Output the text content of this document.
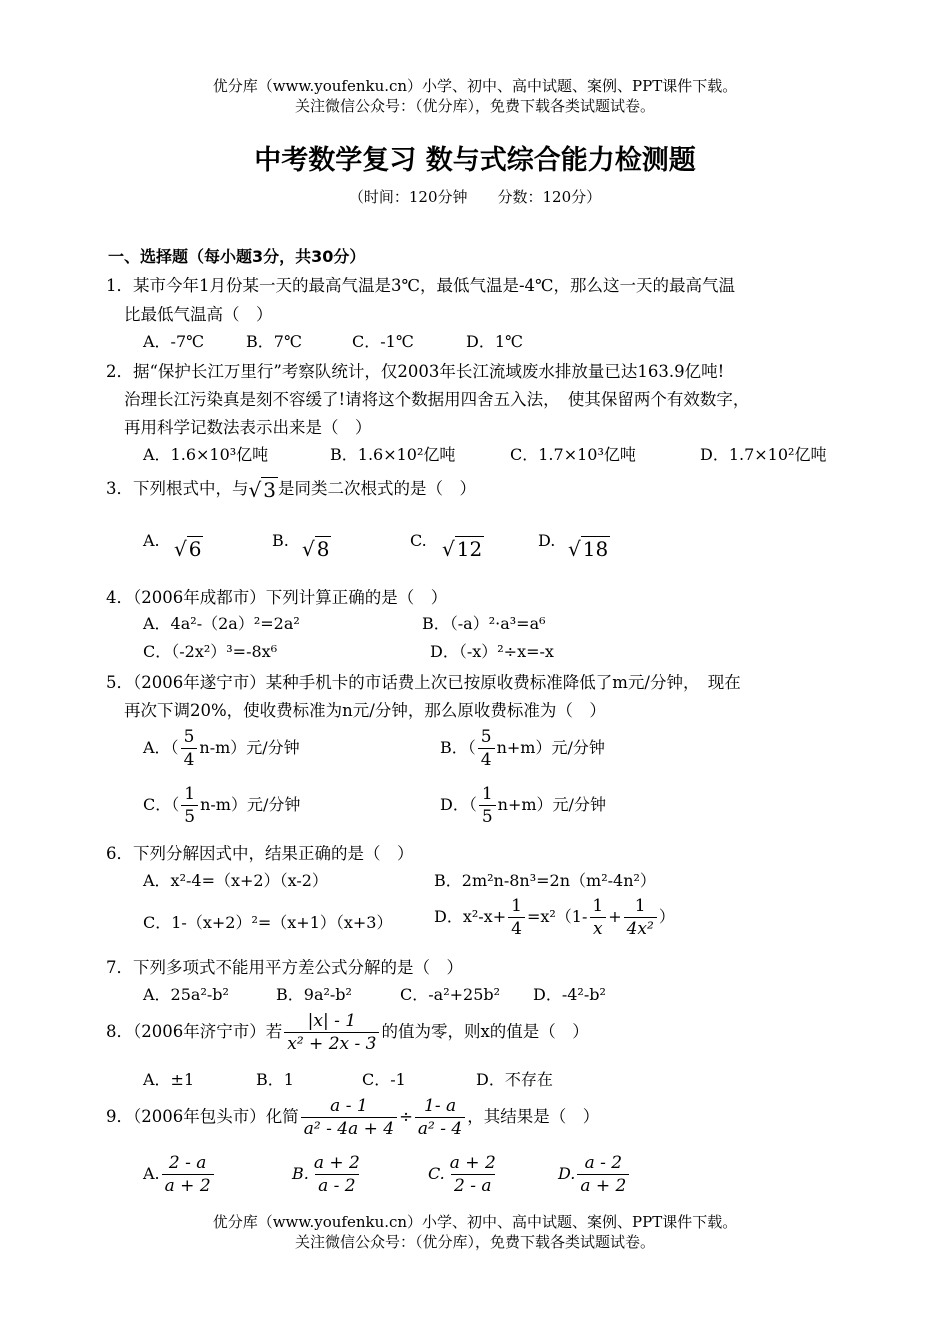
优分库（www.youfenku.cn）小学、初中、高中试题、案例、PPT课件下载。
关注微信公众号：（优分库），免费下载各类试题试卷。
中考数学复习 数与式综合能力检测题
（时间：120分钟　　分数：120分）
一、选择题（每小题3分，共30分）
1．某市今年1月份某一天的最高气温是3℃，最低气温是-4℃，那么这一天的最高气温
比最低气温高（　）
A．-7℃	B．7℃	C．-1℃	D．1℃
2．据“保护长江万里行”考察队统计，仅2003年长江流域废水排放量已达163.9亿吨!
治理长江污染真是刻不容缓了!请将这个数据用四舍五入法，　使其保留两个有效数字，
再用科学记数法表示出来是（　）
A．1.6×10³亿吨	B．1.6×10²亿吨	C．1.7×10³亿吨	D．1.7×10²亿吨
3．下列根式中，与√ 3 是同类二次根式的是（　）
A. √ 6	B. √ 8	C. √ 12	D. √ 18
4．（2006年成都市）下列计算正确的是（　）
A．4a²-（2a）²=2a²	B．（-a）²·a³=a⁶
C．（-2x²）³=-8x⁶	D．（-x）²÷x=-x
5．（2006年遂宁市）某种手机卡的市话费上次已按原收费标准降低了m元/分钟，　现在
再次下调20%，使收费标准为n元/分钟，那么原收费标准为（　）
A．（ $\frac{5}{4} n-m$）元/分钟	B．（ $\frac{5}{4} n+m$）元/分钟
C．（ $\frac{1}{5} n-m$）元/分钟	D．（ $\frac{1}{5} n+m$）元/分钟
6．下列分解因式中，结果正确的是（　）
A．x²-4=（x+2）（x-2）	B．2m²n-8n³=2n（m²-4n²）
C．1-（x+2）²=（x+1）（x+3）	D．$x^2-x+ \frac{1}{4} =x^2(1- \frac{1}{x} + \frac{1}{\text{4x²}}$ ）
7．下列多项式不能用平方差公式分解的是（　）
A．25a²-b²	B．9a²-b²	C．-a²+25b² D．-4²-b²
8．（2006年济宁市）若 $\frac{|x| - 1}{\text{x² + 2x - 3}}$ 的值为零，则x的值是（　）
A．±1	B．1	C．-1	D．不存在
9．（2006年包头市）化简 $\frac{a - 1}{\text{a² - 4a + 4}} \div \frac{1- a}{\text{a² - 4}}$ ，其结果是（　）
A. $\frac{2 - a}{a + 2}$	B. $\frac{a + 2}{a - 2}$	C. $\frac{a + 2}{2 - a}$	D. $\frac{a - 2}{a + 2}$
优分库（www.youfenku.cn）小学、初中、高中试题、案例、PPT课件下载。
关注微信公众号：（优分库），免费下载各类试题试卷。
